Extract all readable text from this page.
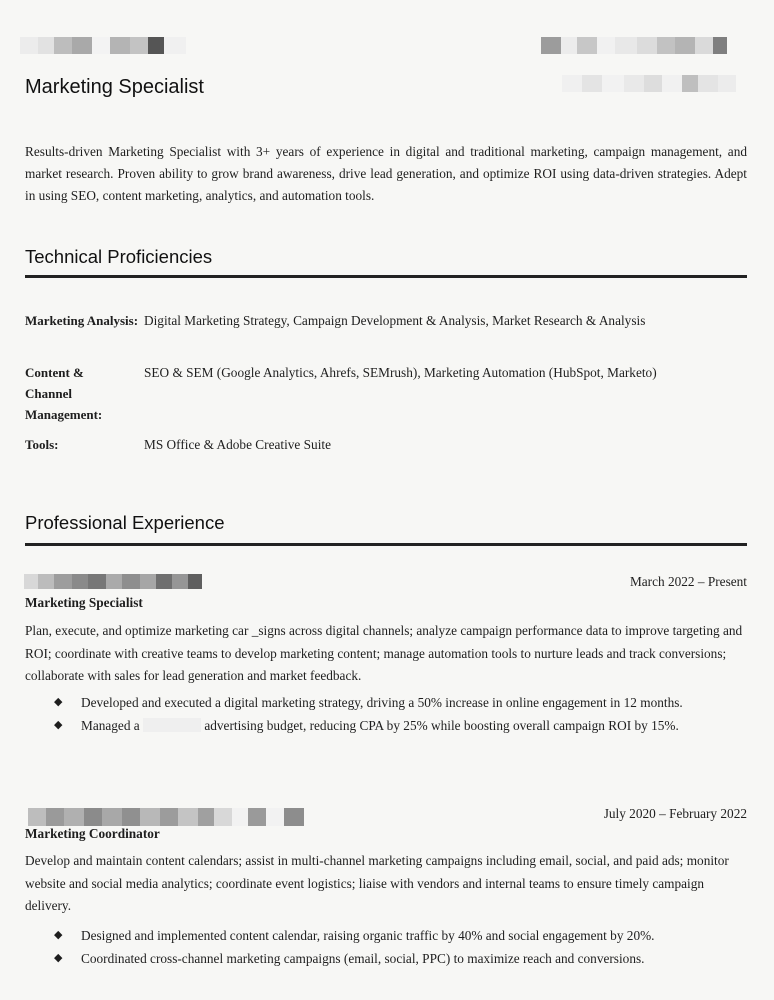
Marketing Specialist
Results-driven Marketing Specialist with 3+ years of experience in digital and traditional marketing, campaign management, and market research. Proven ability to grow brand awareness, drive lead generation, and optimize ROI using data-driven strategies. Adept in using SEO, content marketing, analytics, and automation tools.
Technical Proficiencies
Marketing Analysis: Digital Marketing Strategy, Campaign Development & Analysis, Market Research & Analysis
Content & Channel Management:
SEO & SEM (Google Analytics, Ahrefs, SEMrush), Marketing Automation (HubSpot, Marketo)
Tools:	MS Office & Adobe Creative Suite
Professional Experience
March 2022 – Present
Marketing Specialist
Plan, execute, and optimize marketing car _signs across digital channels; analyze campaign performance data to improve targeting and ROI; coordinate with creative teams to develop marketing content; manage automation tools to nurture leads and track conversions; collaborate with sales for lead generation and market feedback.
◆ Developed and executed a digital marketing strategy, driving a 50% increase in online engagement in 12 months.
◆ Managed a	advertising budget, reducing CPA by 25% while boosting overall campaign ROI by 15%.
July 2020 – February 2022
Marketing Coordinator
Develop and maintain content calendars; assist in multi-channel marketing campaigns including email, social, and paid ads; monitor website and social media analytics; coordinate event logistics; liaise with vendors and internal teams to ensure timely campaign delivery.
◆ Designed and implemented content calendar, raising organic traffic by 40% and social engagement by 20%.
◆ Coordinated cross-channel marketing campaigns (email, social, PPC) to maximize reach and conversions.
